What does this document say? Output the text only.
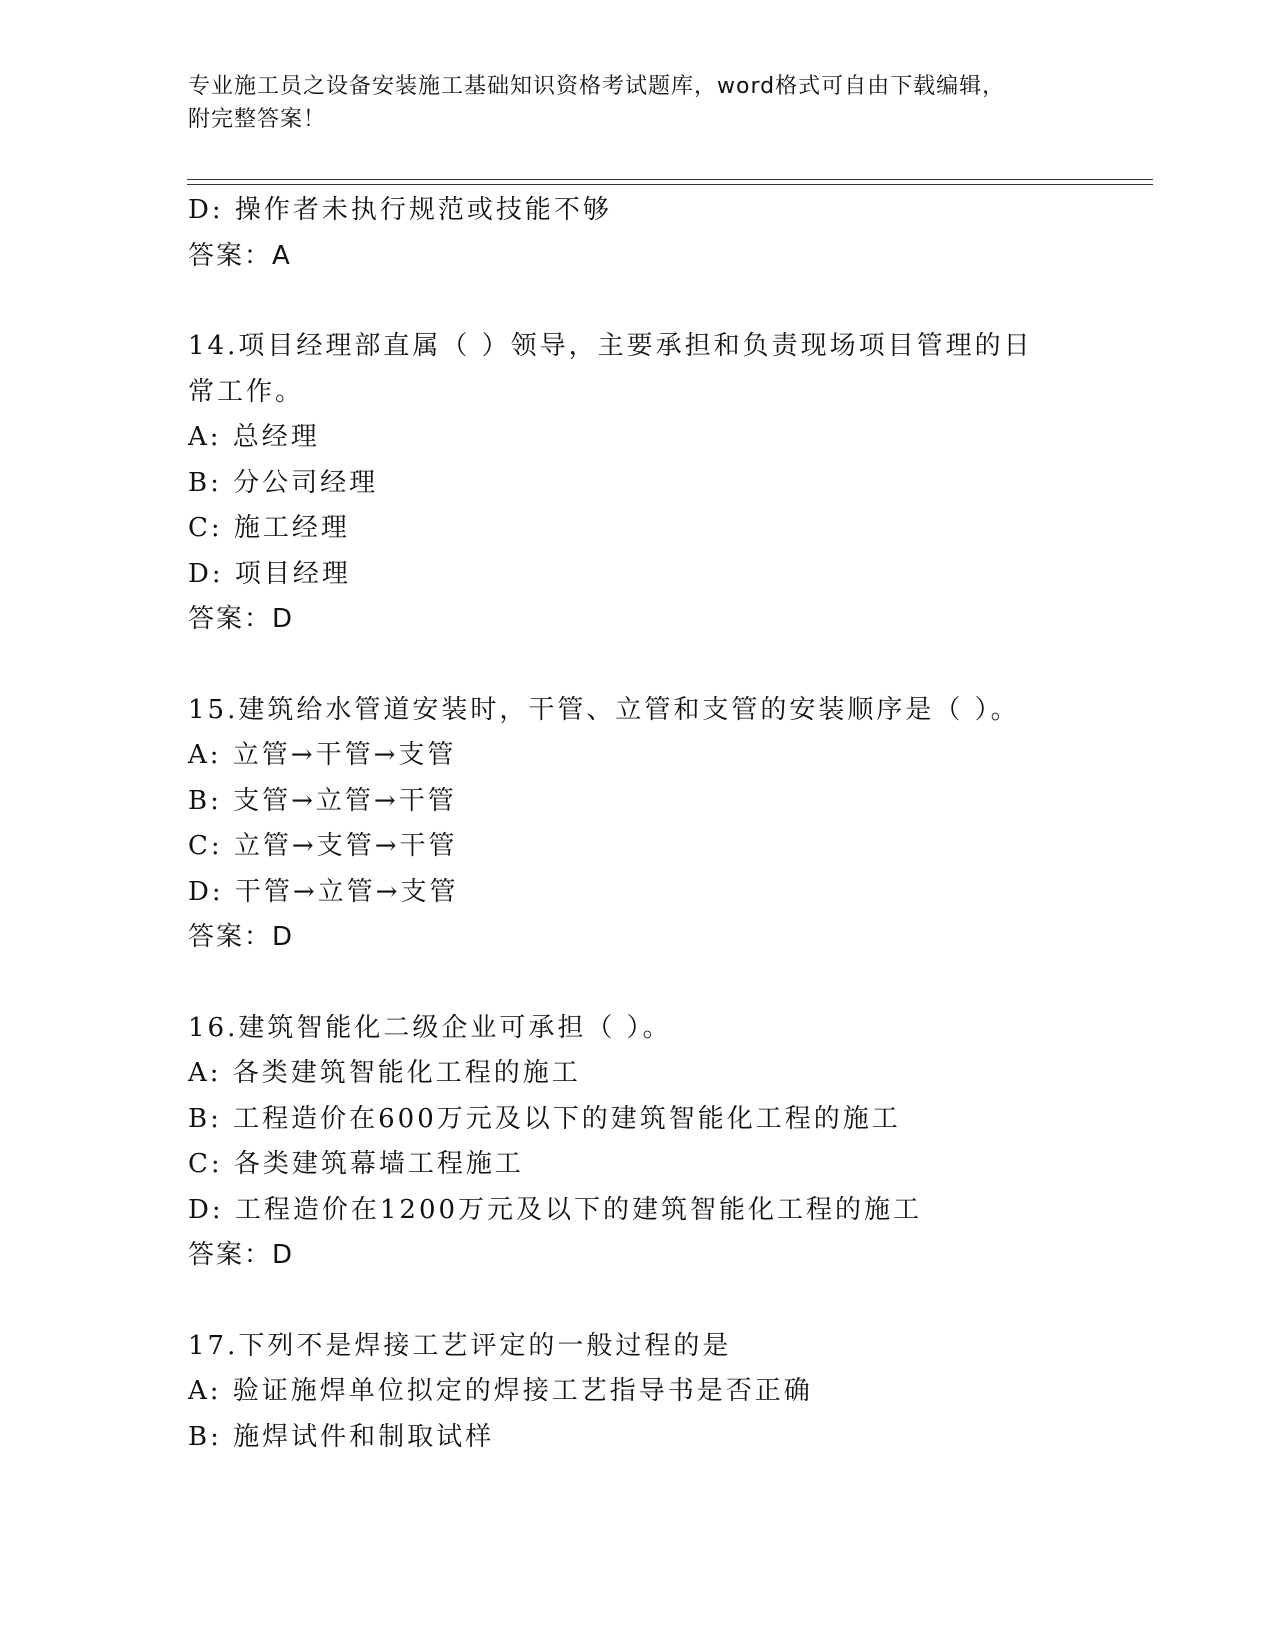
专业施工员之设备安装施工基础知识资格考试题库，word格式可自由下载编辑，
附完整答案！
D: 操作者未执行规范或技能不够
答案：A
14.项目经理部直属（ ）领导，主要承担和负责现场项目管理的日常工作。
A: 总经理
B: 分公司经理
C: 施工经理
D: 项目经理
答案：D
15.建筑给水管道安装时，干管、立管和支管的安装顺序是（ ）。
A: 立管→干管→支管
B: 支管→立管→干管
C: 立管→支管→干管
D: 干管→立管→支管
答案：D
16.建筑智能化二级企业可承担（ ）。
A: 各类建筑智能化工程的施工
B: 工程造价在600万元及以下的建筑智能化工程的施工
C: 各类建筑幕墙工程施工
D: 工程造价在1200万元及以下的建筑智能化工程的施工
答案：D
17.下列不是焊接工艺评定的一般过程的是
A: 验证施焊单位拟定的焊接工艺指导书是否正确
B: 施焊试件和制取试样
